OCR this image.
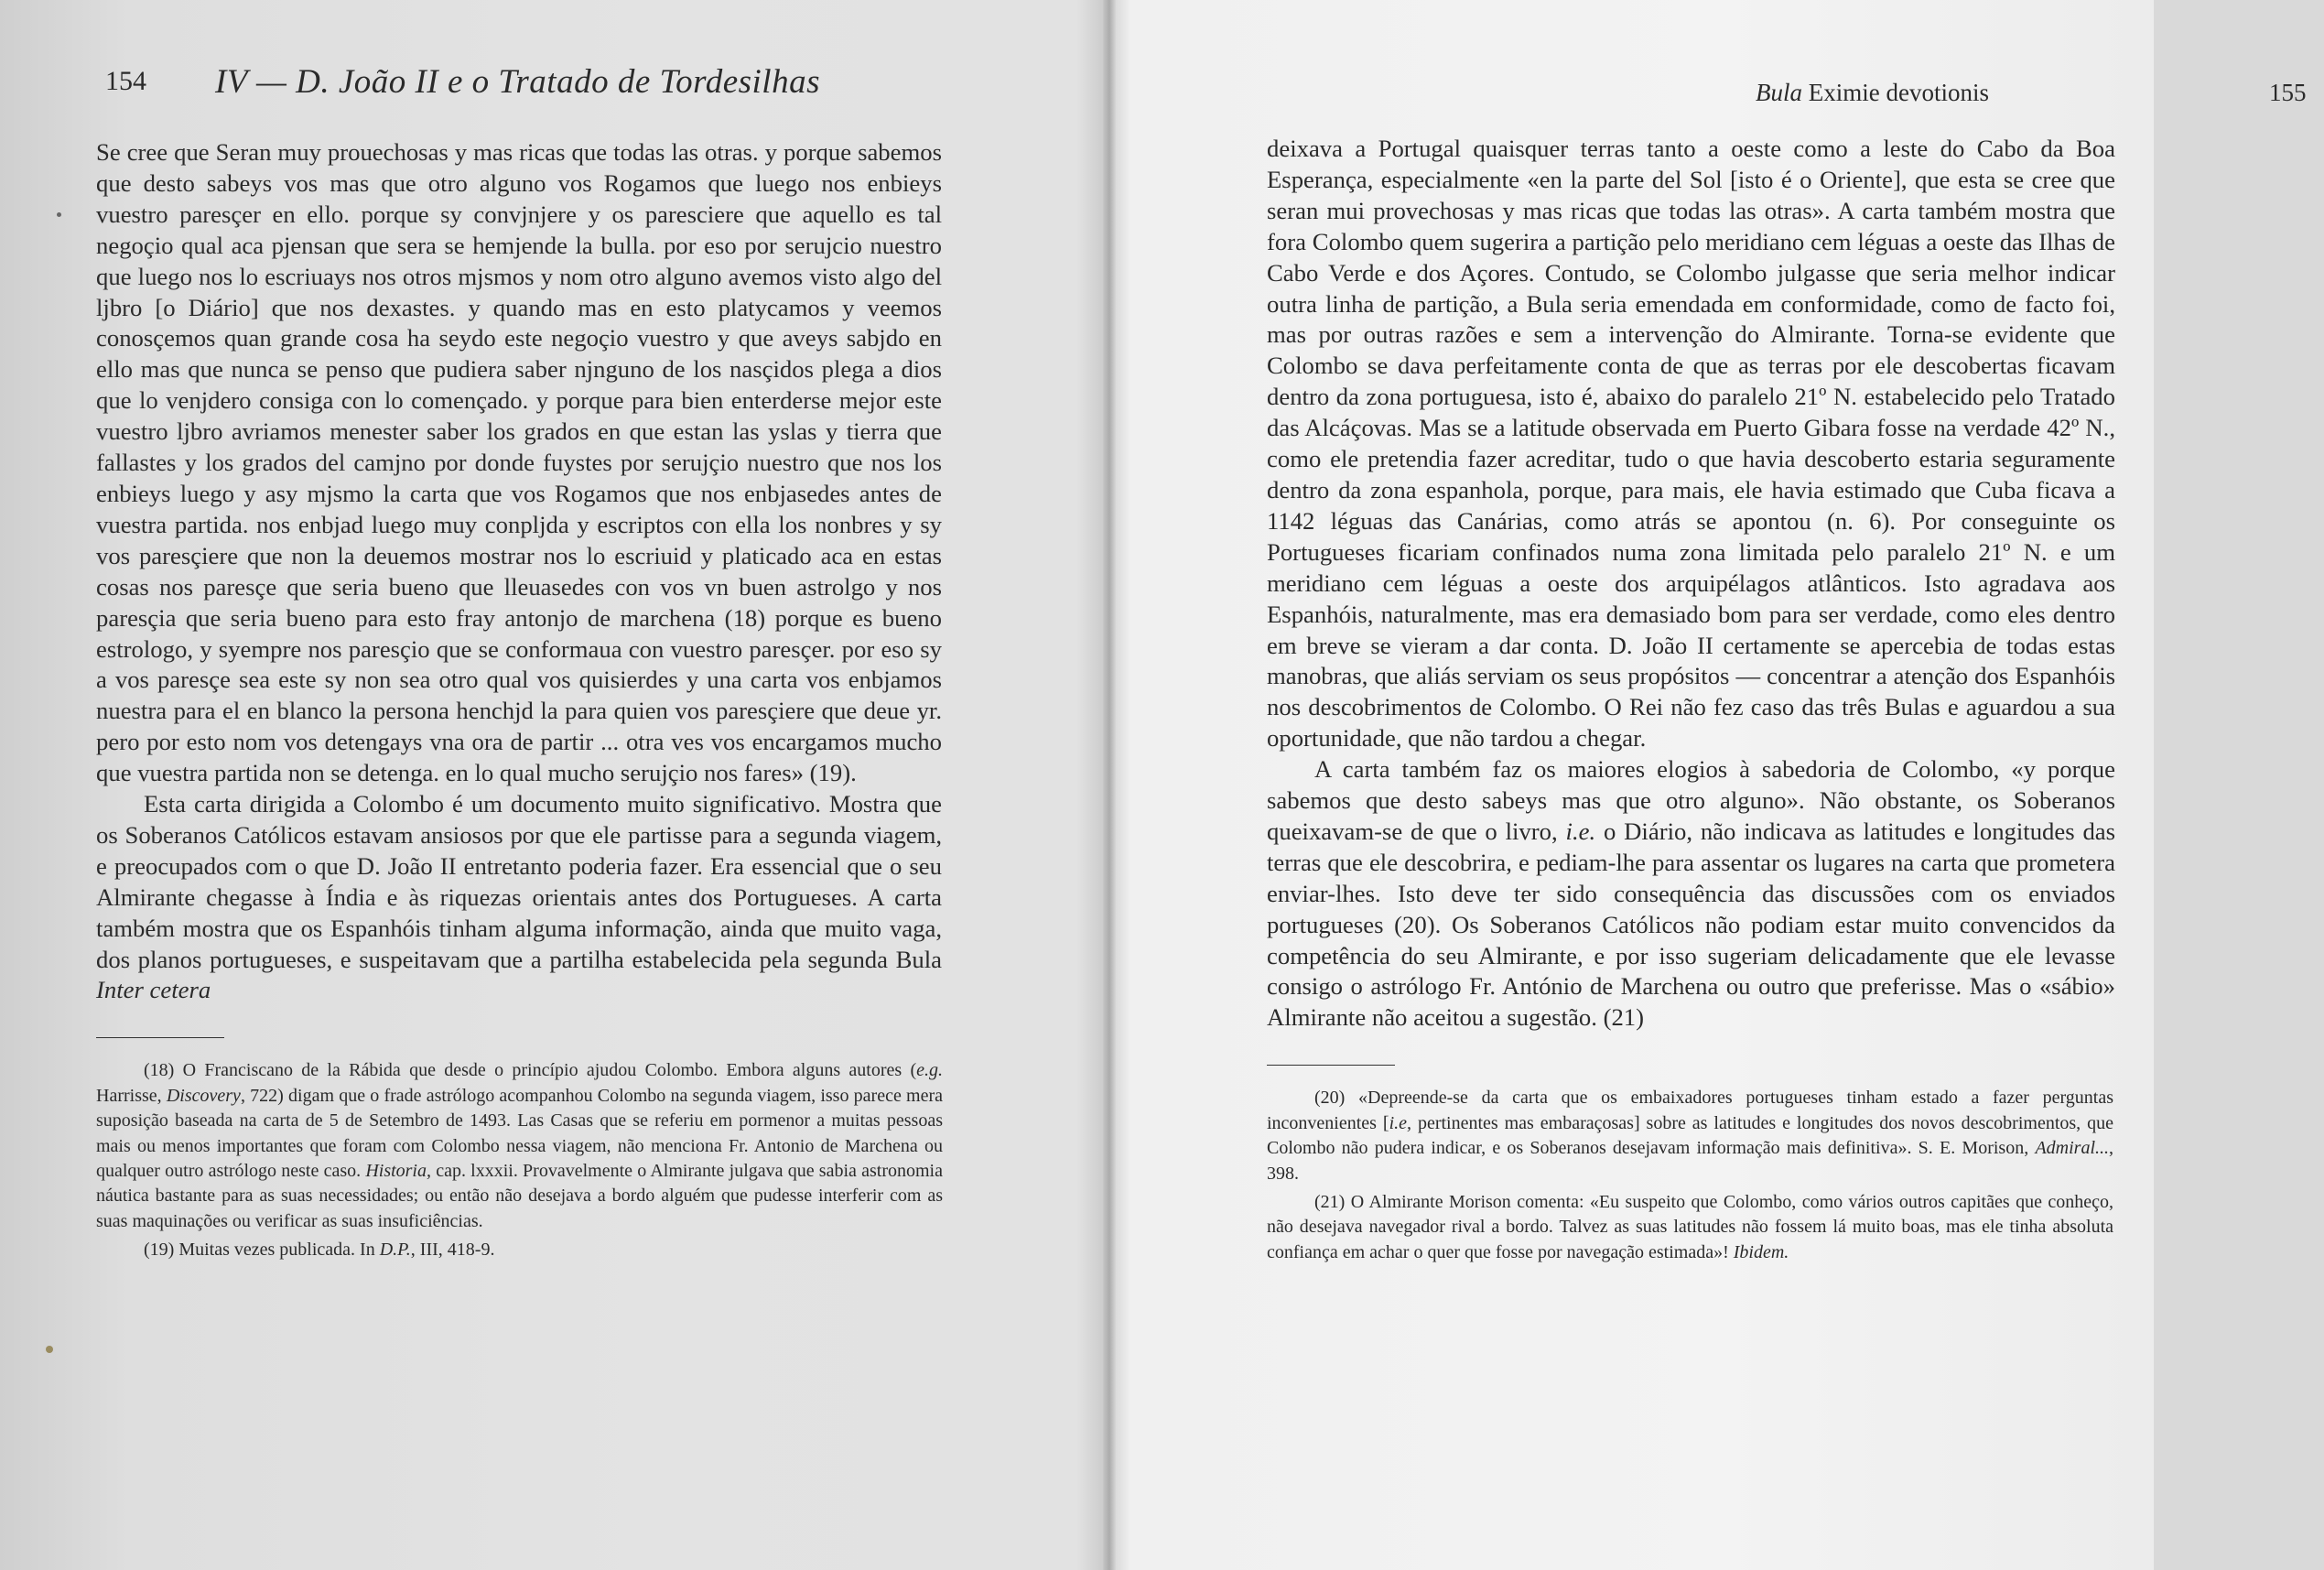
154 IV — D. João II e o Tratado de Tordesilhas

Se cree que Seran muy prouechosas y mas ricas que todas las otras. y porque sabemos que desto sabeys vos mas que otro alguno vos Rogamos que luego nos enbieys vuestro paresçer en ello. porque sy convjnjere y os paresciere que aquello es tal negoçio qual aca pjensan que sera se hemjende la bulla. por eso por serujcio nuestro que luego nos lo escriuays nos otros mjsmos y nom otro alguno avemos visto algo del ljbro [o Diário] que nos dexastes. y quando mas en esto platycamos y veemos conosçemos quan grande cosa ha seydo este negoçio vuestro y que aveys sabjdo en ello mas que nunca se penso que pudiera saber njnguno de los nasçidos plega a dios que lo venjdero consiga con lo començado. y porque para bien enterderse mejor este vuestro ljbro avriamos menester saber los grados en que estan las yslas y tierra que fallastes y los grados del camjno por donde fuystes por serujçio nuestro que nos los enbieys luego y asy mjsmo la carta que vos Rogamos que nos enbjasedes antes de vuestra partida. nos enbjad luego muy conpljda y escriptos con ella los nonbres y sy vos paresçiere que non la deuemos mostrar nos lo escriuid y platicado aca en estas cosas nos paresçe que seria bueno que lleuasedes con vos vn buen astrolgo y nos paresçia que seria bueno para esto fray antonjo de marchena (18) porque es bueno estrologo, y syempre nos paresçio que se conformaua con vuestro paresçer. por eso sy a vos paresçe sea este sy non sea otro qual vos quisierdes y una carta vos enbjamos nuestra para el en blanco la persona henchjd la para quien vos paresçiere que deue yr. pero por esto nom vos detengays vna ora de partir ... otra ves vos encargamos mucho que vuestra partida non se detenga. en lo qual mucho serujçio nos fares» (19).

Esta carta dirigida a Colombo é um documento muito significativo. Mostra que os Soberanos Católicos estavam ansiosos por que ele partisse para a segunda viagem, e preocupados com o que D. João II entretanto poderia fazer. Era essencial que o seu Almirante chegasse à Índia e às riquezas orientais antes dos Portugueses. A carta também mostra que os Espanhóis tinham alguma informação, ainda que muito vaga, dos planos portugueses, e suspeitavam que a partilha estabelecida pela segunda Bula Inter cetera

(18) O Franciscano de la Rábida que desde o princípio ajudou Colombo. Embora alguns autores (e.g. Harrisse, Discovery, 722) digam que o frade astrólogo acompanhou Colombo na segunda viagem, isso parece mera suposição baseada na carta de 5 de Setembro de 1493. Las Casas que se referiu em pormenor a muitas pessoas mais ou menos importantes que foram com Colombo nessa viagem, não menciona Fr. Antonio de Marchena ou qualquer outro astrólogo neste caso. Historia, cap. lxxxii. Provavelmente o Almirante julgava que sabia astronomia náutica bastante para as suas necessidades; ou então não desejava a bordo alguém que pudesse interferir com as suas maquinações ou verificar as suas insuficiências.

(19) Muitas vezes publicada. In D.P., III, 418-9.

Bula Eximie devotionis	155

deixava a Portugal quaisquer terras tanto a oeste como a leste do Cabo da Boa Esperança, especialmente «en la parte del Sol [isto é o Oriente], que esta se cree que seran mui provechosas y mas ricas que todas las otras». A carta também mostra que fora Colombo quem sugerira a partição pelo meridiano cem léguas a oeste das Ilhas de Cabo Verde e dos Açores. Contudo, se Colombo julgasse que seria melhor indicar outra linha de partição, a Bula seria emendada em conformidade, como de facto foi, mas por outras razões e sem a intervenção do Almirante. Torna-se evidente que Colombo se dava perfeitamente conta de que as terras por ele descobertas ficavam dentro da zona portuguesa, isto é, abaixo do paralelo 21º N. estabelecido pelo Tratado das Alcáçovas. Mas se a latitude observada em Puerto Gibara fosse na verdade 42º N., como ele pretendia fazer acreditar, tudo o que havia descoberto estaria seguramente dentro da zona espanhola, porque, para mais, ele havia estimado que Cuba ficava a 1142 léguas das Canárias, como atrás se apontou (n. 6). Por conseguinte os Portugueses ficariam confinados numa zona limitada pelo paralelo 21º N. e um meridiano cem léguas a oeste dos arquipélagos atlânticos. Isto agradava aos Espanhóis, naturalmente, mas era demasiado bom para ser verdade, como eles dentro em breve se vieram a dar conta. D. João II certamente se apercebia de todas estas manobras, que aliás serviam os seus propósitos — concentrar a atenção dos Espanhóis nos descobrimentos de Colombo. O Rei não fez caso das três Bulas e aguardou a sua oportunidade, que não tardou a chegar.

A carta também faz os maiores elogios à sabedoria de Colombo, «y porque sabemos que desto sabeys mas que otro alguno». Não obstante, os Soberanos queixavam-se de que o livro, i.e. o Diário, não indicava as latitudes e longitudes das terras que ele descobrira, e pediam-lhe para assentar os lugares na carta que prometera enviar-lhes. Isto deve ter sido consequência das discussões com os enviados portugueses (20). Os Soberanos Católicos não podiam estar muito convencidos da competência do seu Almirante, e por isso sugeriam delicadamente que ele levasse consigo o astrólogo Fr. António de Marchena ou outro que preferisse. Mas o «sábio» Almirante não aceitou a sugestão. (21)

(20) «Depreende-se da carta que os embaixadores portugueses tinham estado a fazer perguntas inconvenientes [i.e, pertinentes mas embaraçosas] sobre as latitudes e longitudes dos novos descobrimentos, que Colombo não pudera indicar, e os Soberanos desejavam informação mais definitiva». S. E. Morison, Admiral..., 398.

(21) O Almirante Morison comenta: «Eu suspeito que Colombo, como vários outros capitães que conheço, não desejava navegador rival a bordo. Talvez as suas latitudes não fossem lá muito boas, mas ele tinha absoluta confiança em achar o quer que fosse por navegação estimada»! Ibidem.
